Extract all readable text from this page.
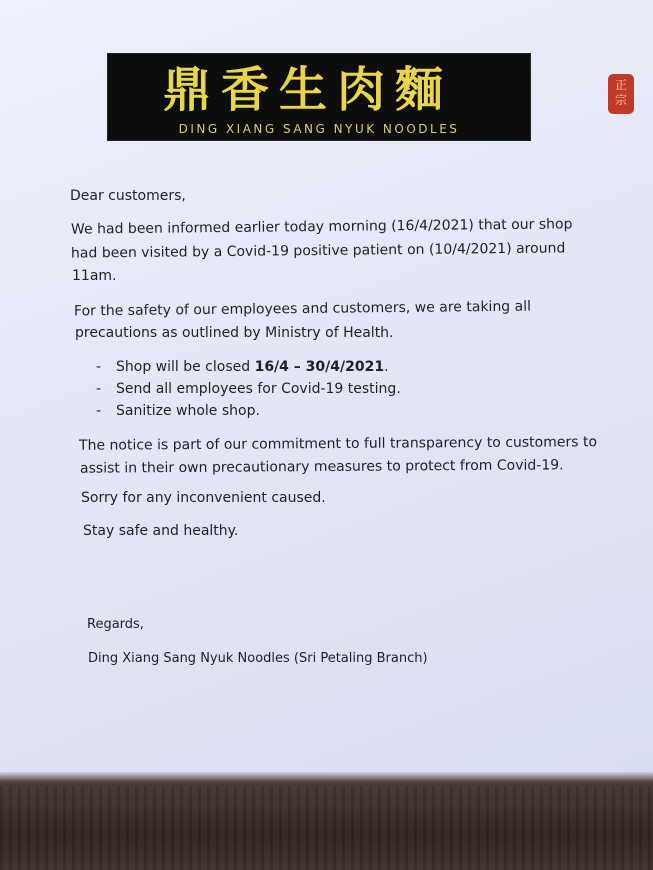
鼎香生肉麵	正
宗
DING XIANG SANG NYUK NOODLES
Dear customers,
We had been informed earlier today morning (16/4/2021) that our shop
had been visited by a Covid-19 positive patient on (10/4/2021) around
11am.
For the safety of our employees and customers, we are taking all
precautions as outlined by Ministry of Health.
- Shop will be closed 16/4 – 30/4/2021.
- Send all employees for Covid-19 testing.
- Sanitize whole shop.
The notice is part of our commitment to full transparency to customers to
assist in their own precautionary measures to protect from Covid-19.
Sorry for any inconvenient caused.
Stay safe and healthy.
Regards,
Ding Xiang Sang Nyuk Noodles (Sri Petaling Branch)
